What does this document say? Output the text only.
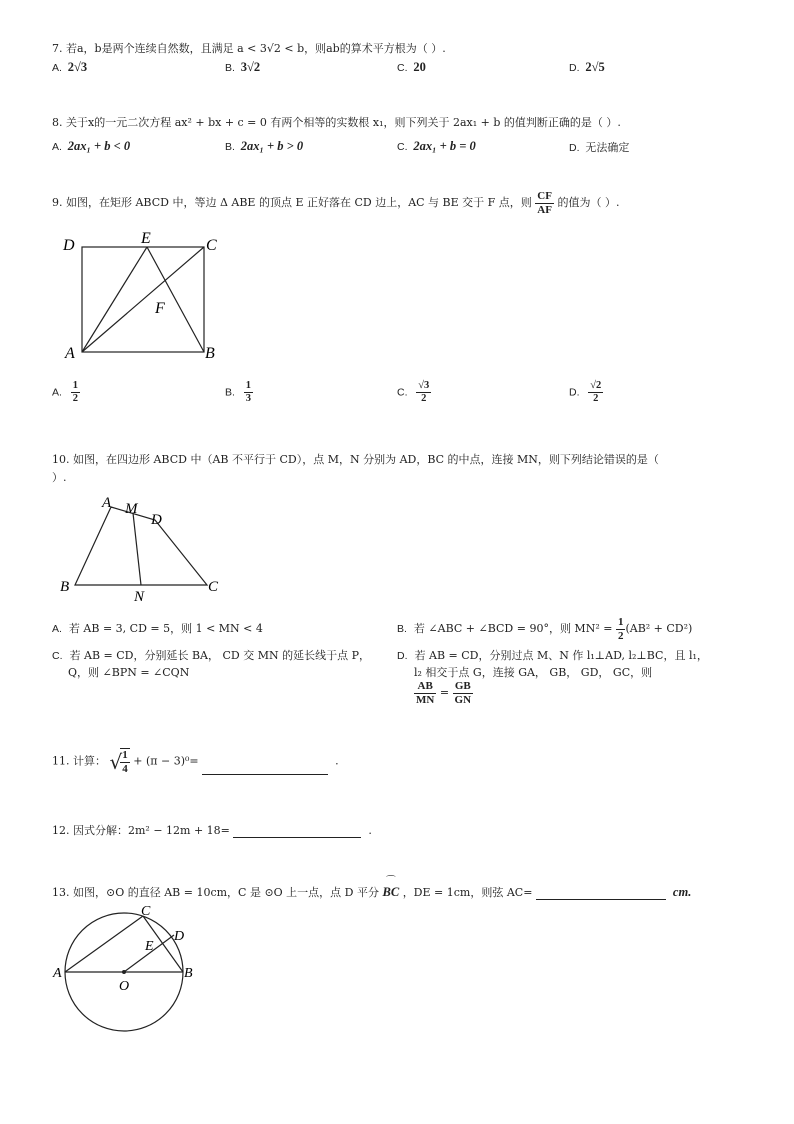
7. 若a，b是两个连续自然数，且满足 a < 3√2 < b，则ab的算术平方根为（ ）.
A. 2√3	B. 3√2	C. 20	D. 2√5
8. 关于x的一元二次方程 ax² + bx + c = 0 有两个相等的实数根 x₁，则下列关于 2ax₁ + b 的值判断正确的是（ ）.
A. 2ax₁ + b < 0	B. 2ax₁ + b > 0	C. 2ax₁ + b = 0	D. 无法确定
9. 如图，在矩形 ABCD 中，等边 Δ ABE 的顶点 E 正好落在 CD 边上，AC 与 BE 交于 F 点，则 $\frac{CF}{AF}$ 的值为（ ）.
D	E	C
F
A	B
A. $\frac{1}{2}$	B. $\frac{1}{3}$	C. $\frac{√3}{2}$	D. $\frac{√2}{2}$
10. 如图，在四边形 ABCD 中（AB 不平行于 CD），点 M，N 分别为 AD，BC 的中点，连接 MN，则下列结论错误的是（
）.
A M
D
B
N
C
A. 若 AB = 3, CD = 5，则 1 < MN < 4	B. 若 ∠ABC + ∠BCD = 90°，则 $MN^2 = \frac{1}{2} (AB^2 + CD^2)$
C. 若 AB = CD，分别延长 BA， CD 交 MN 的延长线于点 P，
Q，则 ∠BPN = ∠CQN
D. 若 AB = CD，分别过点 M、N 作 l₁⊥AD, l₂⊥BC，且 l₁，
l₂ 相交于点 G，连接 GA， GB， GD， GC，则
$\frac{AB}{MN} = \frac{GB}{GN}$
11. 计算： √
$\frac{1}{4} + (\pi - 3)^0=$	.
12. 因式分解：2m² − 12m + 18=	.
13. 如图，⊙O 的直径 AB = 10cm，C 是 ⊙O 上一点，点 D 平分
⌒
BC ，DE = 1cm，则弦 AC=	cm.
C
D
E
A
O
B
